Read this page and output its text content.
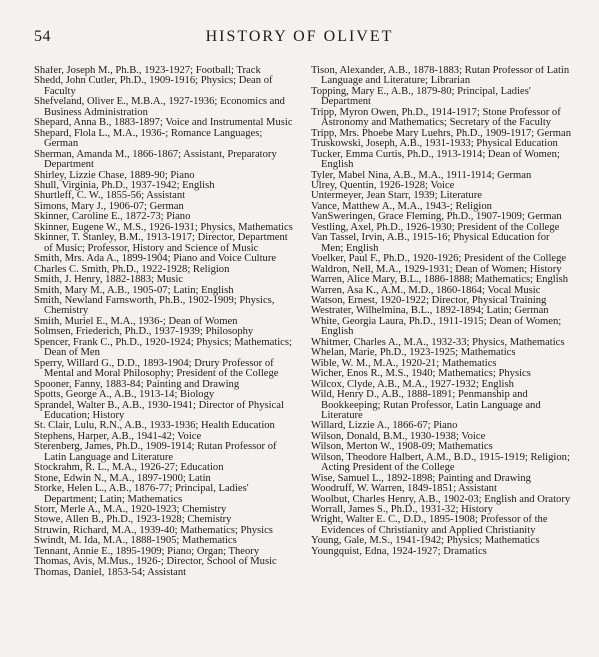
54	HISTORY OF OLIVET

Shafer, Joseph M., Ph.B., 1923-1927; Football; Track

Shedd, John Cutler, Ph.D., 1909-1916; Physics; Dean of Faculty

Shefveland, Oliver E., M.B.A., 1927-1936; Economics and Business Administration

Shepard, Anna B., 1883-1897; Voice and Instrumental Music

Shepard, Flola L., M.A., 1936-; Romance Languages; German

Sherman, Amanda M., 1866-1867; Assistant, Preparatory Department

Shirley, Lizzie Chase, 1889-90; Piano

Shull, Virginia, Ph.D., 1937-1942; English

Shurtleff, C. W., 1855-56; Assistant

Simons, Mary J., 1906-07; German

Skinner, Caroline E., 1872-73; Piano

Skinner, Eugene W., M.S., 1926-1931; Physics, Mathematics

Skinner, T. Stanley, B.M., 1913-1917; Director, Department of Music; Professor, History and Science of Music

Smith, Mrs. Ada A., 1899-1904; Piano and Voice Culture

Charles C. Smith, Ph.D., 1922-1928; Religion

Smith, J. Henry, 1882-1883; Music

Smith, Mary M., A.B., 1905-07; Latin; English

Smith, Newland Farnsworth, Ph.B., 1902-1909; Physics, Chemistry

Smith, Muriel E., M.A., 1936-; Dean of Women

Solmsen, Friederich, Ph.D., 1937-1939; Philosophy

Spencer, Frank C., Ph.D., 1920-1924; Physics; Mathematics; Dean of Men

Sperry, Willard G., D.D., 1893-1904; Drury Professor of Mental and Moral Philosophy; President of the College

Spooner, Fanny, 1883-84; Painting and Drawing

Spotts, George A., A.B., 1913-14; Biology

Sprandel, Walter B., A.B., 1930-1941; Director of Physical Education; History

St. Clair, Lulu, R.N., A.B., 1933-1936; Health Education

Stephens, Harper, A.B., 1941-42; Voice

Sterenberg, James, Ph.D., 1909-1914; Rutan Professor of Latin Language and Literature

Stockrahm, R. L., M.A., 1926-27; Education

Stone, Edwin N., M.A., 1897-1900; Latin

Storke, Helen L., A.B., 1876-77; Principal, Ladies' Department; Latin; Mathematics

Storr, Merle A., M.A., 1920-1923; Chemistry

Stowe, Allen B., Ph.D., 1923-1928; Chemistry

Struwin, Richard, M.A., 1939-40; Mathematics; Physics

Swindt, M. Ida, M.A., 1888-1905; Mathematics

Tennant, Annie E., 1895-1909; Piano; Organ; Theory

Thomas, Avis, M.Mus., 1926-; Director, School of Music

Thomas, Daniel, 1853-54; Assistant

Tison, Alexander, A.B., 1878-1883; Rutan Professor of Latin Language and Literature; Librarian

Topping, Mary E., A.B., 1879-80; Principal, Ladies' Department

Tripp, Myron Owen, Ph.D., 1914-1917; Stone Professor of Astronomy and Mathematics; Secretary of the Faculty

Tripp, Mrs. Phoebe Mary Luehrs, Ph.D., 1909-1917; German

Truskowski, Joseph, A.B., 1931-1933; Physical Education

Tucker, Emma Curtis, Ph.D., 1913-1914; Dean of Women; English

Tyler, Mabel Nina, A.B., M.A., 1911-1914; German

Ulrey, Quentin, 1926-1928; Voice

Untermeyer, Jean Starr, 1939; Literature

Vance, Matthew A., M.A., 1943-; Religion

VanSweringen, Grace Fleming, Ph.D., 1907-1909; German

Vestling, Axel, Ph.D., 1926-1930; President of the College

Van Tassel, Irvin, A.B., 1915-16; Physical Education for Men; English

Voelker, Paul F., Ph.D., 1920-1926; President of the College

Waldron, Nell, M.A., 1929-1931; Dean of Women; History

Warren, Alice Mary, B.L., 1886-1888; Mathematics; English

Warren, Asa K., A.M., M.D., 1860-1864; Vocal Music

Watson, Ernest, 1920-1922; Director, Physical Training

Westrater, Wilhelmina, B.L., 1892-1894; Latin; German

White, Georgia Laura, Ph.D., 1911-1915; Dean of Women; English

Whitmer, Charles A., M.A., 1932-33; Physics, Mathematics

Whelan, Marie, Ph.D., 1923-1925; Mathematics

Wible, W. M., M.A., 1920-21; Mathematics

Wicher, Enos R., M.S., 1940; Mathematics; Physics

Wilcox, Clyde, A.B., M.A., 1927-1932; English

Wild, Henry D., A.B., 1888-1891; Penmanship and Bookkeeping; Rutan Professor, Latin Language and Literature

Willard, Lizzie A., 1866-67; Piano

Wilson, Donald, B.M., 1930-1938; Voice

Wilson, Merton W., 1908-09; Mathematics

Wilson, Theodore Halbert, A.M., B.D., 1915-1919; Religion; Acting President of the College

Wise, Samuel L., 1892-1898; Painting and Drawing

Woodruff, W. Warren, 1849-1851; Assistant

Woolbut, Charles Henry, A.B., 1902-03; English and Oratory

Worrall, James S., Ph.D., 1931-32; History

Wright, Walter E. C., D.D., 1895-1908; Professor of the Evidences of Christianity and Applied Christianity

Young, Gale, M.S., 1941-1942; Physics; Mathematics

Youngquist, Edna, 1924-1927; Dramatics
